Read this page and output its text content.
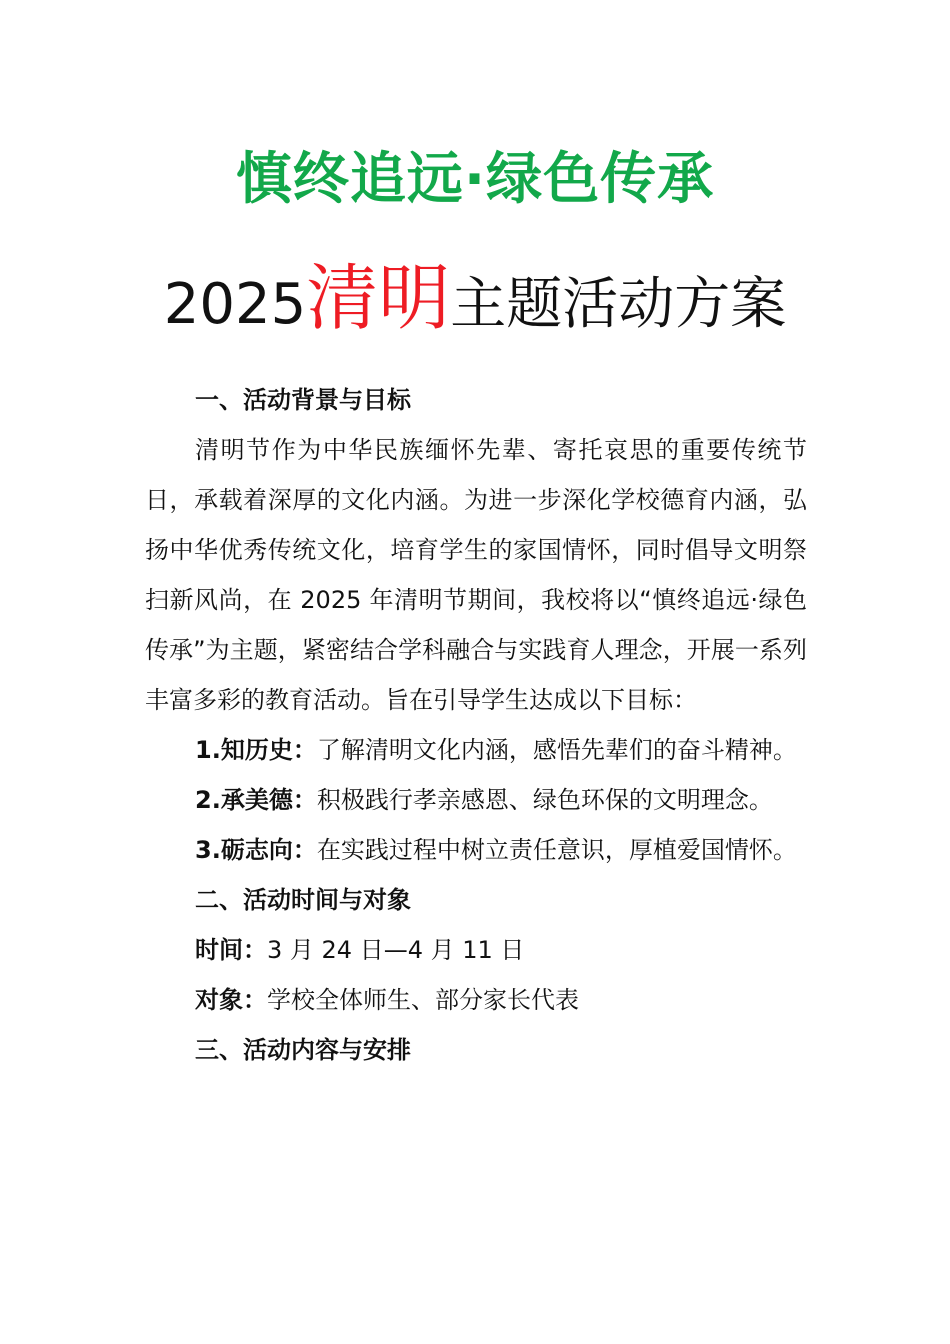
慎终追远·绿色传承
2025清明主题活动方案

一、活动背景与目标

清明节作为中华民族缅怀先辈、寄托哀思的重要传统节日，承载着深厚的文化内涵。为进一步深化学校德育内涵，弘扬中华优秀传统文化，培育学生的家国情怀，同时倡导文明祭扫新风尚，在 2025 年清明节期间，我校将以“慎终追远·绿色传承”为主题，紧密结合学科融合与实践育人理念，开展一系列丰富多彩的教育活动。旨在引导学生达成以下目标：

1.知历史：了解清明文化内涵，感悟先辈们的奋斗精神。

2.承美德：积极践行孝亲感恩、绿色环保的文明理念。

3.砺志向：在实践过程中树立责任意识，厚植爱国情怀。

二、活动时间与对象

时间：3 月 24 日—4 月 11 日

对象：学校全体师生、部分家长代表

三、活动内容与安排
